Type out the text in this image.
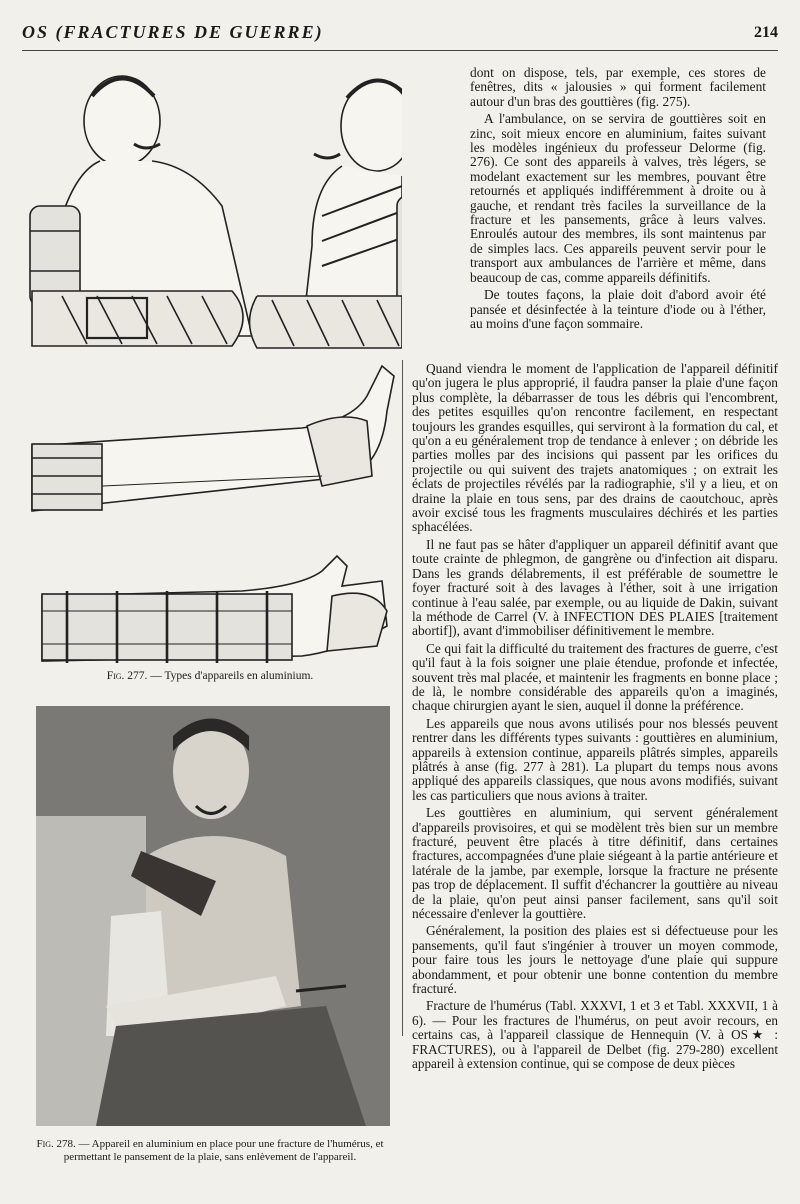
OS (FRACTURES DE GUERRE)	214
Fig. 277. — Types d'appareils en aluminium.
Fig. 278. — Appareil en aluminium en place pour une fracture de l'humérus, et permettant le pansement de la plaie, sans enlèvement de l'appareil.

dont on dispose, tels, par exemple, ces stores de fenêtres, dits « jalousies » qui forment facilement autour d'un bras des gouttières (fig. 275).

A l'ambulance, on se servira de gouttières soit en zinc, soit mieux encore en aluminium, faites suivant les modèles ingénieux du professeur Delorme (fig. 276). Ce sont des appareils à valves, très légers, se modelant exactement sur les membres, pouvant être retournés et appliqués indifféremment à droite ou à gauche, et rendant très faciles la surveillance de la fracture et les pansements, grâce à leurs valves. Enroulés autour des membres, ils sont maintenus par de simples lacs. Ces appareils peuvent servir pour le transport aux ambulances de l'arrière et même, dans beaucoup de cas, comme appareils définitifs.

De toutes façons, la plaie doit d'abord avoir été pansée et désinfectée à la teinture d'iode ou à l'éther, au moins d'une façon sommaire.

Quand viendra le moment de l'application de l'appareil définitif qu'on jugera le plus approprié, il faudra panser la plaie d'une façon plus complète, la débarrasser de tous les débris qui l'encombrent, des petites esquilles qu'on rencontre facilement, en respectant toujours les grandes esquilles, qui serviront à la formation du cal, et qu'on a eu généralement trop de tendance à enlever ; on débride les parties molles par des incisions qui passent par les orifices du projectile ou qui suivent des trajets anatomiques ; on extrait les éclats de projectiles révélés par la radiographie, s'il y a lieu, et on draine la plaie en tous sens, par des drains de caoutchouc, après avoir excisé tous les fragments musculaires déchirés et les parties sphacélées.

Il ne faut pas se hâter d'appliquer un appareil définitif avant que toute crainte de phlegmon, de gangrène ou d'infection ait disparu. Dans les grands délabrements, il est préférable de soumettre le foyer fracturé soit à des lavages à l'éther, soit à une irrigation continue à l'eau salée, par exemple, ou au liquide de Dakin, suivant la méthode de Carrel (V. à INFECTION DES PLAIES [traitement abortif]), avant d'immobiliser définitivement le membre.

Ce qui fait la difficulté du traitement des fractures de guerre, c'est qu'il faut à la fois soigner une plaie étendue, profonde et infectée, souvent très mal placée, et maintenir les fragments en bonne place ; de là, le nombre considérable des appareils qu'on a imaginés, chaque chirurgien ayant le sien, auquel il donne la préférence.

Les appareils que nous avons utilisés pour nos blessés peuvent rentrer dans les différents types suivants : gouttières en aluminium, appareils à extension continue, appareils plâtrés simples, appareils plâtrés à anse (fig. 277 à 281). La plupart du temps nous avons appliqué des appareils classiques, que nous avons modifiés, suivant les cas particuliers que nous avions à traiter.

Les gouttières en aluminium, qui servent généralement d'appareils provisoires, et qui se modèlent très bien sur un membre fracturé, peuvent être placés à titre définitif, dans certaines fractures, accompagnées d'une plaie siégeant à la partie antérieure et latérale de la jambe, par exemple, lorsque la fracture ne présente pas trop de déplacement. Il suffit d'échancrer la gouttière au niveau de la plaie, qu'on peut ainsi panser facilement, sans qu'il soit nécessaire d'enlever la gouttière.

Généralement, la position des plaies est si défectueuse pour les pansements, qu'il faut s'ingénier à trouver un moyen commode, pour faire tous les jours le nettoyage d'une plaie qui suppure abondamment, et pour obtenir une bonne contention du membre fracturé.

Fracture de l'humérus (Tabl. XXXVI, 1 et 3 et Tabl. XXXVII, 1 à 6). — Pour les fractures de l'humérus, on peut avoir recours, en certains cas, à l'appareil classique de Hennequin (V. à OS★ : FRACTURES), ou à l'appareil de Delbet (fig. 279-280) excellent appareil à extension continue, qui se compose de deux pièces
